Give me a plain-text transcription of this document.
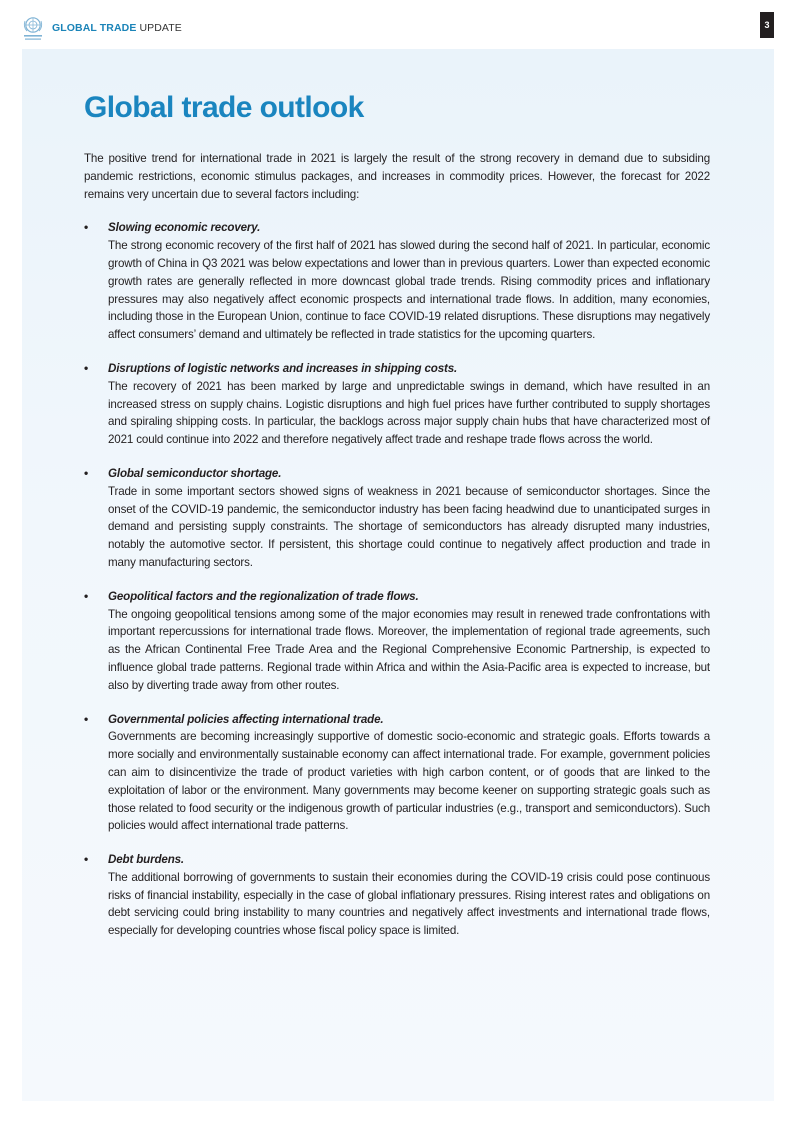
GLOBAL TRADE UPDATE	3
Global trade outlook

The positive trend for international trade in 2021 is largely the result of the strong recovery in demand due to subsiding pandemic restrictions, economic stimulus packages, and increases in commodity prices. However, the forecast for 2022 remains very uncertain due to several factors including:

•	Slowing economic recovery.

The strong economic recovery of the first half of 2021 has slowed during the second half of 2021. In particular, economic growth of China in Q3 2021 was below expectations and lower than in previous quarters. Lower than expected economic growth rates are generally reflected in more downcast global trade trends. Rising commodity prices and inflationary pressures may also negatively affect economic prospects and international trade flows. In addition, many economies, including those in the European Union, continue to face COVID-19 related disruptions. These disruptions may negatively affect consumers’ demand and ultimately be reflected in trade statistics for the upcoming quarters.

•	Disruptions of logistic networks and increases in shipping costs.

The recovery of 2021 has been marked by large and unpredictable swings in demand, which have resulted in an increased stress on supply chains. Logistic disruptions and high fuel prices have further contributed to supply shortages and spiraling shipping costs. In particular, the backlogs across major supply chain hubs that have characterized most of 2021 could continue into 2022 and therefore negatively affect trade and reshape trade flows across the world.

•	Global semiconductor shortage.

Trade in some important sectors showed signs of weakness in 2021 because of semiconductor shortages. Since the onset of the COVID-19 pandemic, the semiconductor industry has been facing headwind due to unanticipated surges in demand and persisting supply constraints. The shortage of semiconductors has already disrupted many industries, notably the automotive sector. If persistent, this shortage could continue to negatively affect production and trade in many manufacturing sectors.

•	Geopolitical factors and the regionalization of trade flows.

The ongoing geopolitical tensions among some of the major economies may result in renewed trade confrontations with important repercussions for international trade flows. Moreover, the implementation of regional trade agreements, such as the African Continental Free Trade Area and the Regional Comprehensive Economic Partnership, is expected to influence global trade patterns. Regional trade within Africa and within the Asia-Pacific area is expected to increase, but also by diverting trade away from other routes.

•	Governmental policies affecting international trade.

Governments are becoming increasingly supportive of domestic socio-economic and strategic goals. Efforts towards a more socially and environmentally sustainable economy can affect international trade. For example, government policies can aim to disincentivize the trade of product varieties with high carbon content, or of goods that are linked to the exploitation of labor or the environment. Many governments may become keener on supporting strategic goals such as those related to food security or the indigenous growth of particular industries (e.g., transport and semiconductors). Such policies would affect international trade patterns.

•	Debt burdens.

The additional borrowing of governments to sustain their economies during the COVID-19 crisis could pose continuous risks of financial instability, especially in the case of global inflationary pressures. Rising interest rates and obligations on debt servicing could bring instability to many countries and negatively affect investments and international trade flows, especially for developing countries whose fiscal policy space is limited.
